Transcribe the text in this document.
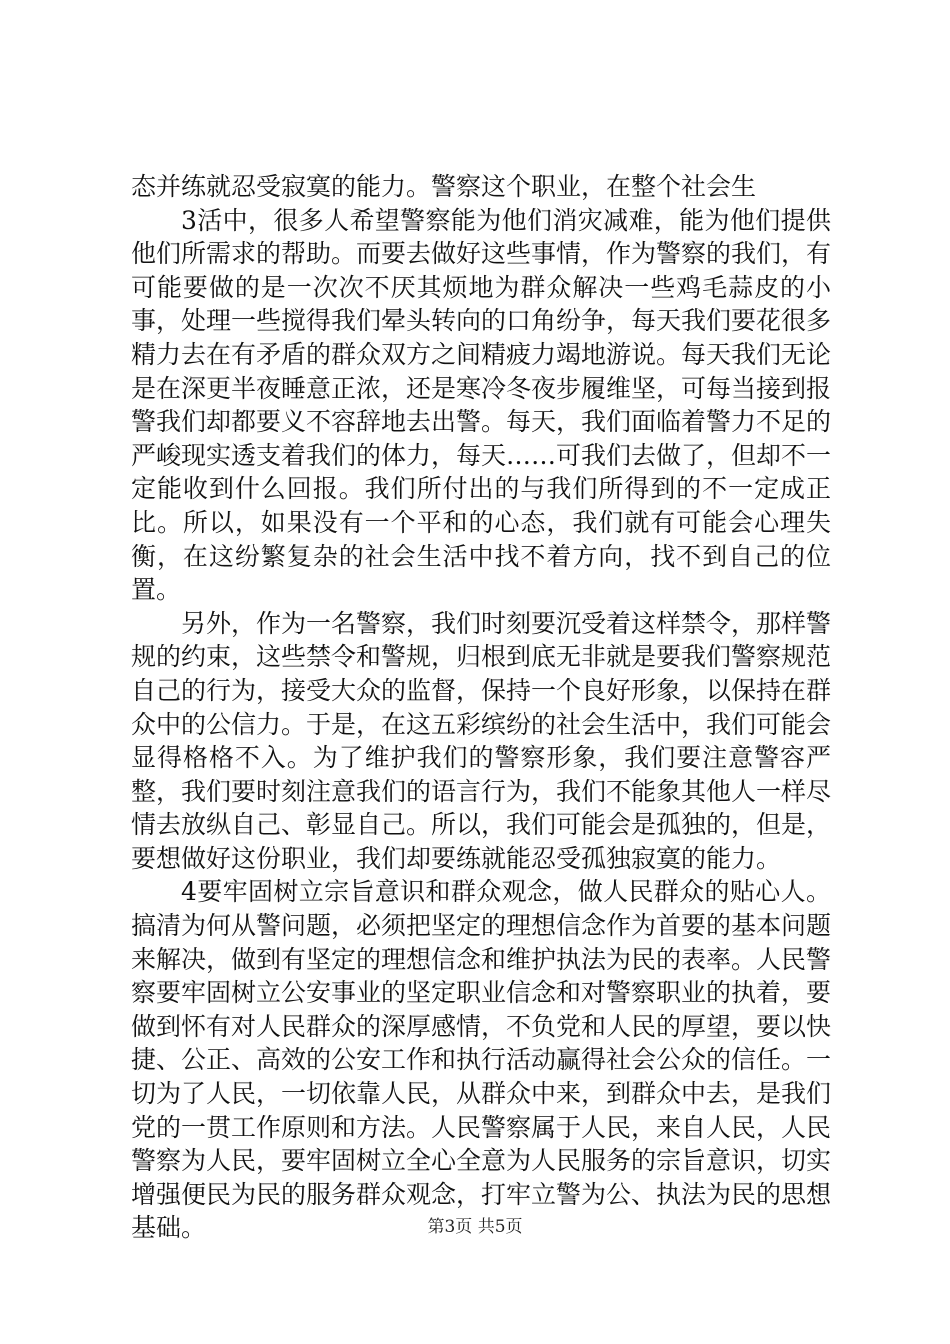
态并练就忍受寂寞的能力。警察这个职业，在整个社会生

3活中，很多人希望警察能为他们消灾减难，能为他们提供他们所需求的帮助。而要去做好这些事情，作为警察的我们，有可能要做的是一次次不厌其烦地为群众解决一些鸡毛蒜皮的小事，处理一些搅得我们晕头转向的口角纷争，每天我们要花很多精力去在有矛盾的群众双方之间精疲力竭地游说。每天我们无论是在深更半夜睡意正浓，还是寒冷冬夜步履维坚，可每当接到报警我们却都要义不容辞地去出警。每天，我们面临着警力不足的严峻现实透支着我们的体力，每天……可我们去做了，但却不一定能收到什么回报。我们所付出的与我们所得到的不一定成正比。所以，如果没有一个平和的心态，我们就有可能会心理失衡，在这纷繁复杂的社会生活中找不着方向，找不到自己的位置。

另外，作为一名警察，我们时刻要沉受着这样禁令，那样警规的约束，这些禁令和警规，归根到底无非就是要我们警察规范自己的行为，接受大众的监督，保持一个良好形象，以保持在群众中的公信力。于是，在这五彩缤纷的社会生活中，我们可能会显得格格不入。为了维护我们的警察形象，我们要注意警容严整，我们要时刻注意我们的语言行为，我们不能象其他人一样尽情去放纵自己、彰显自己。所以，我们可能会是孤独的，但是，要想做好这份职业，我们却要练就能忍受孤独寂寞的能力。

4要牢固树立宗旨意识和群众观念，做人民群众的贴心人。搞清为何从警问题，必须把坚定的理想信念作为首要的基本问题来解决，做到有坚定的理想信念和维护执法为民的表率。人民警察要牢固树立公安事业的坚定职业信念和对警察职业的执着，要做到怀有对人民群众的深厚感情，不负党和人民的厚望，要以快捷、公正、高效的公安工作和执行活动赢得社会公众的信任。一切为了人民，一切依靠人民，从群众中来，到群众中去，是我们党的一贯工作原则和方法。人民警察属于人民，来自人民，人民警察为人民，要牢固树立全心全意为人民服务的宗旨意识，切实增强便民为民的服务群众观念，打牢立警为公、执法为民的思想基础。	第3页 共5页
